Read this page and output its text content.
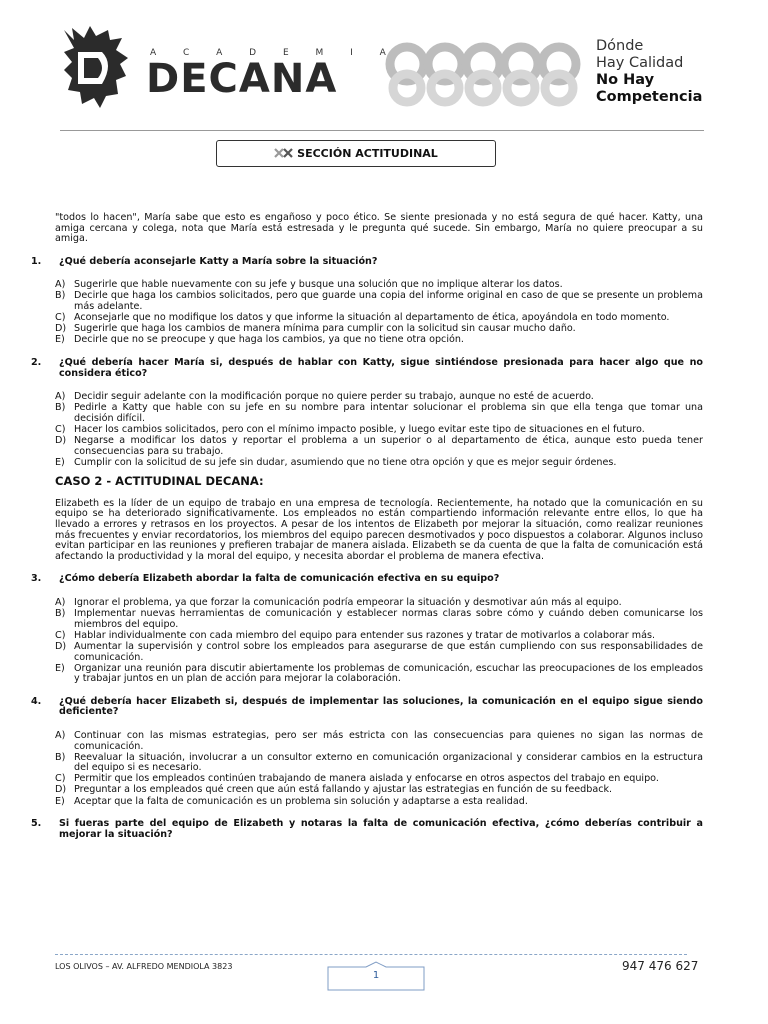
A C A D E M I A
DECANA
Dónde
Hay Calidad
No Hay
Competencia
SECCIÓN ACTITUDINAL

"todos lo hacen", María sabe que esto es engañoso y poco ético. Se siente presionada y no está segura de qué hacer. Katty, una amiga cercana y colega, nota que María está estresada y le pregunta qué sucede. Sin embargo, María no quiere preocupar a su amiga.

1.	¿Qué debería aconsejarle Katty a María sobre la situación?
A) Sugerirle que hable nuevamente con su jefe y busque una solución que no implique alterar los datos.
B) Decirle que haga los cambios solicitados, pero que guarde una copia del informe original en caso de que se presente un problema más adelante.
C) Aconsejarle que no modifique los datos y que informe la situación al departamento de ética, apoyándola en todo momento.
D) Sugerirle que haga los cambios de manera mínima para cumplir con la solicitud sin causar mucho daño.
E) Decirle que no se preocupe y que haga los cambios, ya que no tiene otra opción.
2.	¿Qué debería hacer María si, después de hablar con Katty, sigue sintiéndose presionada para hacer algo que no considera ético?
A) Decidir seguir adelante con la modificación porque no quiere perder su trabajo, aunque no esté de acuerdo.
B) Pedirle a Katty que hable con su jefe en su nombre para intentar solucionar el problema sin que ella tenga que tomar una decisión difícil.
C) Hacer los cambios solicitados, pero con el mínimo impacto posible, y luego evitar este tipo de situaciones en el futuro.
D) Negarse a modificar los datos y reportar el problema a un superior o al departamento de ética, aunque esto pueda tener consecuencias para su trabajo.
E) Cumplir con la solicitud de su jefe sin dudar, asumiendo que no tiene otra opción y que es mejor seguir órdenes.
CASO 2 - ACTITUDINAL DECANA:

Elizabeth es la líder de un equipo de trabajo en una empresa de tecnología. Recientemente, ha notado que la comunicación en su equipo se ha deteriorado significativamente. Los empleados no están compartiendo información relevante entre ellos, lo que ha llevado a errores y retrasos en los proyectos. A pesar de los intentos de Elizabeth por mejorar la situación, como realizar reuniones más frecuentes y enviar recordatorios, los miembros del equipo parecen desmotivados y poco dispuestos a colaborar. Algunos incluso evitan participar en las reuniones y prefieren trabajar de manera aislada. Elizabeth se da cuenta de que la falta de comunicación está afectando la productividad y la moral del equipo, y necesita abordar el problema de manera efectiva.

3.	¿Cómo debería Elizabeth abordar la falta de comunicación efectiva en su equipo?
A) Ignorar el problema, ya que forzar la comunicación podría empeorar la situación y desmotivar aún más al equipo.
B) Implementar nuevas herramientas de comunicación y establecer normas claras sobre cómo y cuándo deben comunicarse los miembros del equipo.
C) Hablar individualmente con cada miembro del equipo para entender sus razones y tratar de motivarlos a colaborar más.
D) Aumentar la supervisión y control sobre los empleados para asegurarse de que están cumpliendo con sus responsabilidades de comunicación.
E) Organizar una reunión para discutir abiertamente los problemas de comunicación, escuchar las preocupaciones de los empleados y trabajar juntos en un plan de acción para mejorar la colaboración.
4.	¿Qué debería hacer Elizabeth si, después de implementar las soluciones, la comunicación en el equipo sigue siendo deficiente?
A) Continuar con las mismas estrategias, pero ser más estricta con las consecuencias para quienes no sigan las normas de comunicación.
B) Reevaluar la situación, involucrar a un consultor externo en comunicación organizacional y considerar cambios en la estructura del equipo si es necesario.
C) Permitir que los empleados continúen trabajando de manera aislada y enfocarse en otros aspectos del trabajo en equipo.
D) Preguntar a los empleados qué creen que aún está fallando y ajustar las estrategias en función de su feedback.
E) Aceptar que la falta de comunicación es un problema sin solución y adaptarse a esta realidad.
5.	Si fueras parte del equipo de Elizabeth y notaras la falta de comunicación efectiva, ¿cómo deberías contribuir a mejorar la situación?
LOS OLIVOS – AV. ALFREDO MENDIOLA 3823
1
947 476 627
